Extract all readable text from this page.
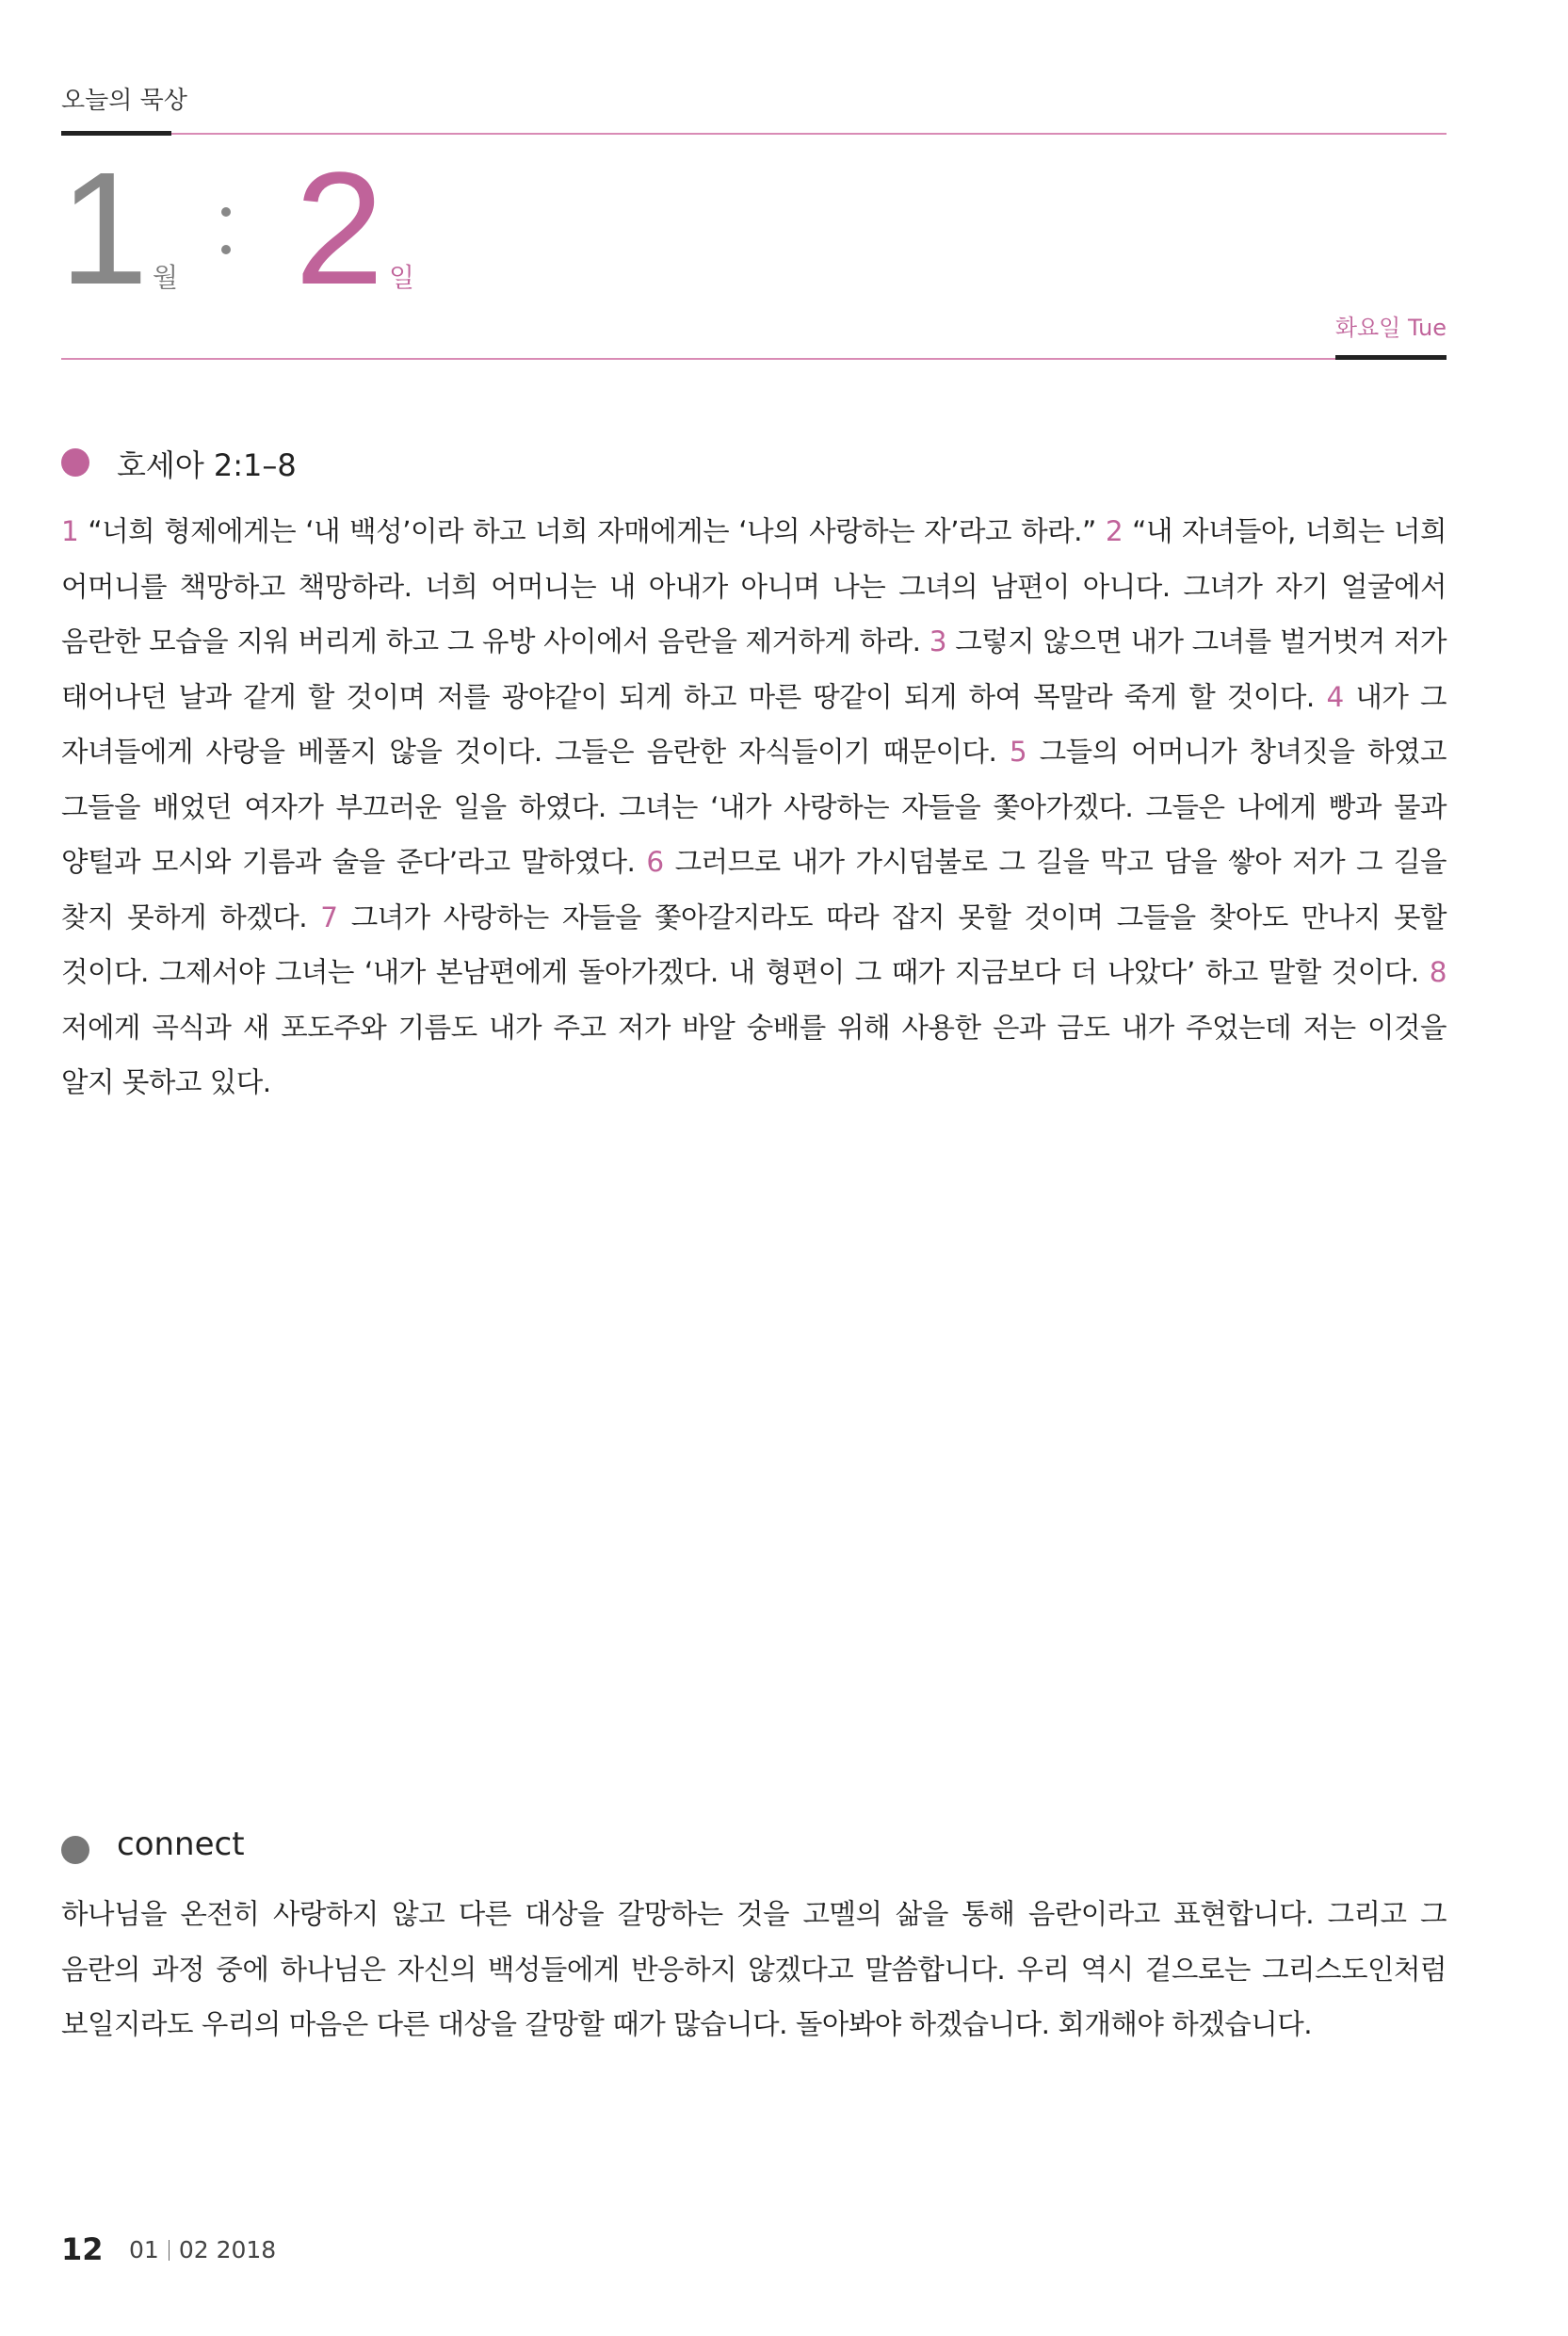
오늘의 묵상
1 월 2 일
화요일 Tue
호세아 2:1–8
1 “너희 형제에게는 ‘내 백성’이라 하고 너희 자매에게는 ‘나의 사랑하는 자’라고 하라.” 2 “내 자녀들아, 너희는 너희 어머니를 책망하고 책망하라. 너희 어머니는 내 아내가 아니며 나는 그녀의 남편이 아니다. 그녀가 자기 얼굴에서 음란한 모습을 지워 버리게 하고 그 유방 사이에서 음란을 제거하게 하라. 3 그렇지 않으면 내가 그녀를 벌거벗겨 저가 태어나던 날과 같게 할 것이며 저를 광야같이 되게 하고 마른 땅같이 되게 하여 목말라 죽게 할 것이다. 4 내가 그 자녀들에게 사랑을 베풀지 않을 것이다. 그들은 음란한 자식들이기 때문이다. 5 그들의 어머니가 창녀짓을 하였고 그들을 배었던 여자가 부끄러운 일을 하였다. 그녀는 ‘내가 사랑하는 자들을 쫓아가겠다. 그들은 나에게 빵과 물과 양털과 모시와 기름과 술을 준다’라고 말하였다. 6 그러므로 내가 가시덤불로 그 길을 막고 담을 쌓아 저가 그 길을 찾지 못하게 하겠다. 7 그녀가 사랑하는 자들을 쫓아갈지라도 따라 잡지 못할 것이며 그들을 찾아도 만나지 못할 것이다. 그제서야 그녀는 ‘내가 본남편에게 돌아가겠다. 내 형편이 그 때가 지금보다 더 나았다’ 하고 말할 것이다. 8 저에게 곡식과 새 포도주와 기름도 내가 주고 저가 바알 숭배를 위해 사용한 은과 금도 내가 주었는데 저는 이것을 알지 못하고 있다.
connect
하나님을 온전히 사랑하지 않고 다른 대상을 갈망하는 것을 고멜의 삶을 통해 음란이라고 표현합니다. 그리고 그 음란의 과정 중에 하나님은 자신의 백성들에게 반응하지 않겠다고 말씀합니다. 우리 역시 겉으로는 그리스도인처럼 보일지라도 우리의 마음은 다른 대상을 갈망할 때가 많습니다. 돌아봐야 하겠습니다. 회개해야 하겠습니다.
12 01 02 2018
